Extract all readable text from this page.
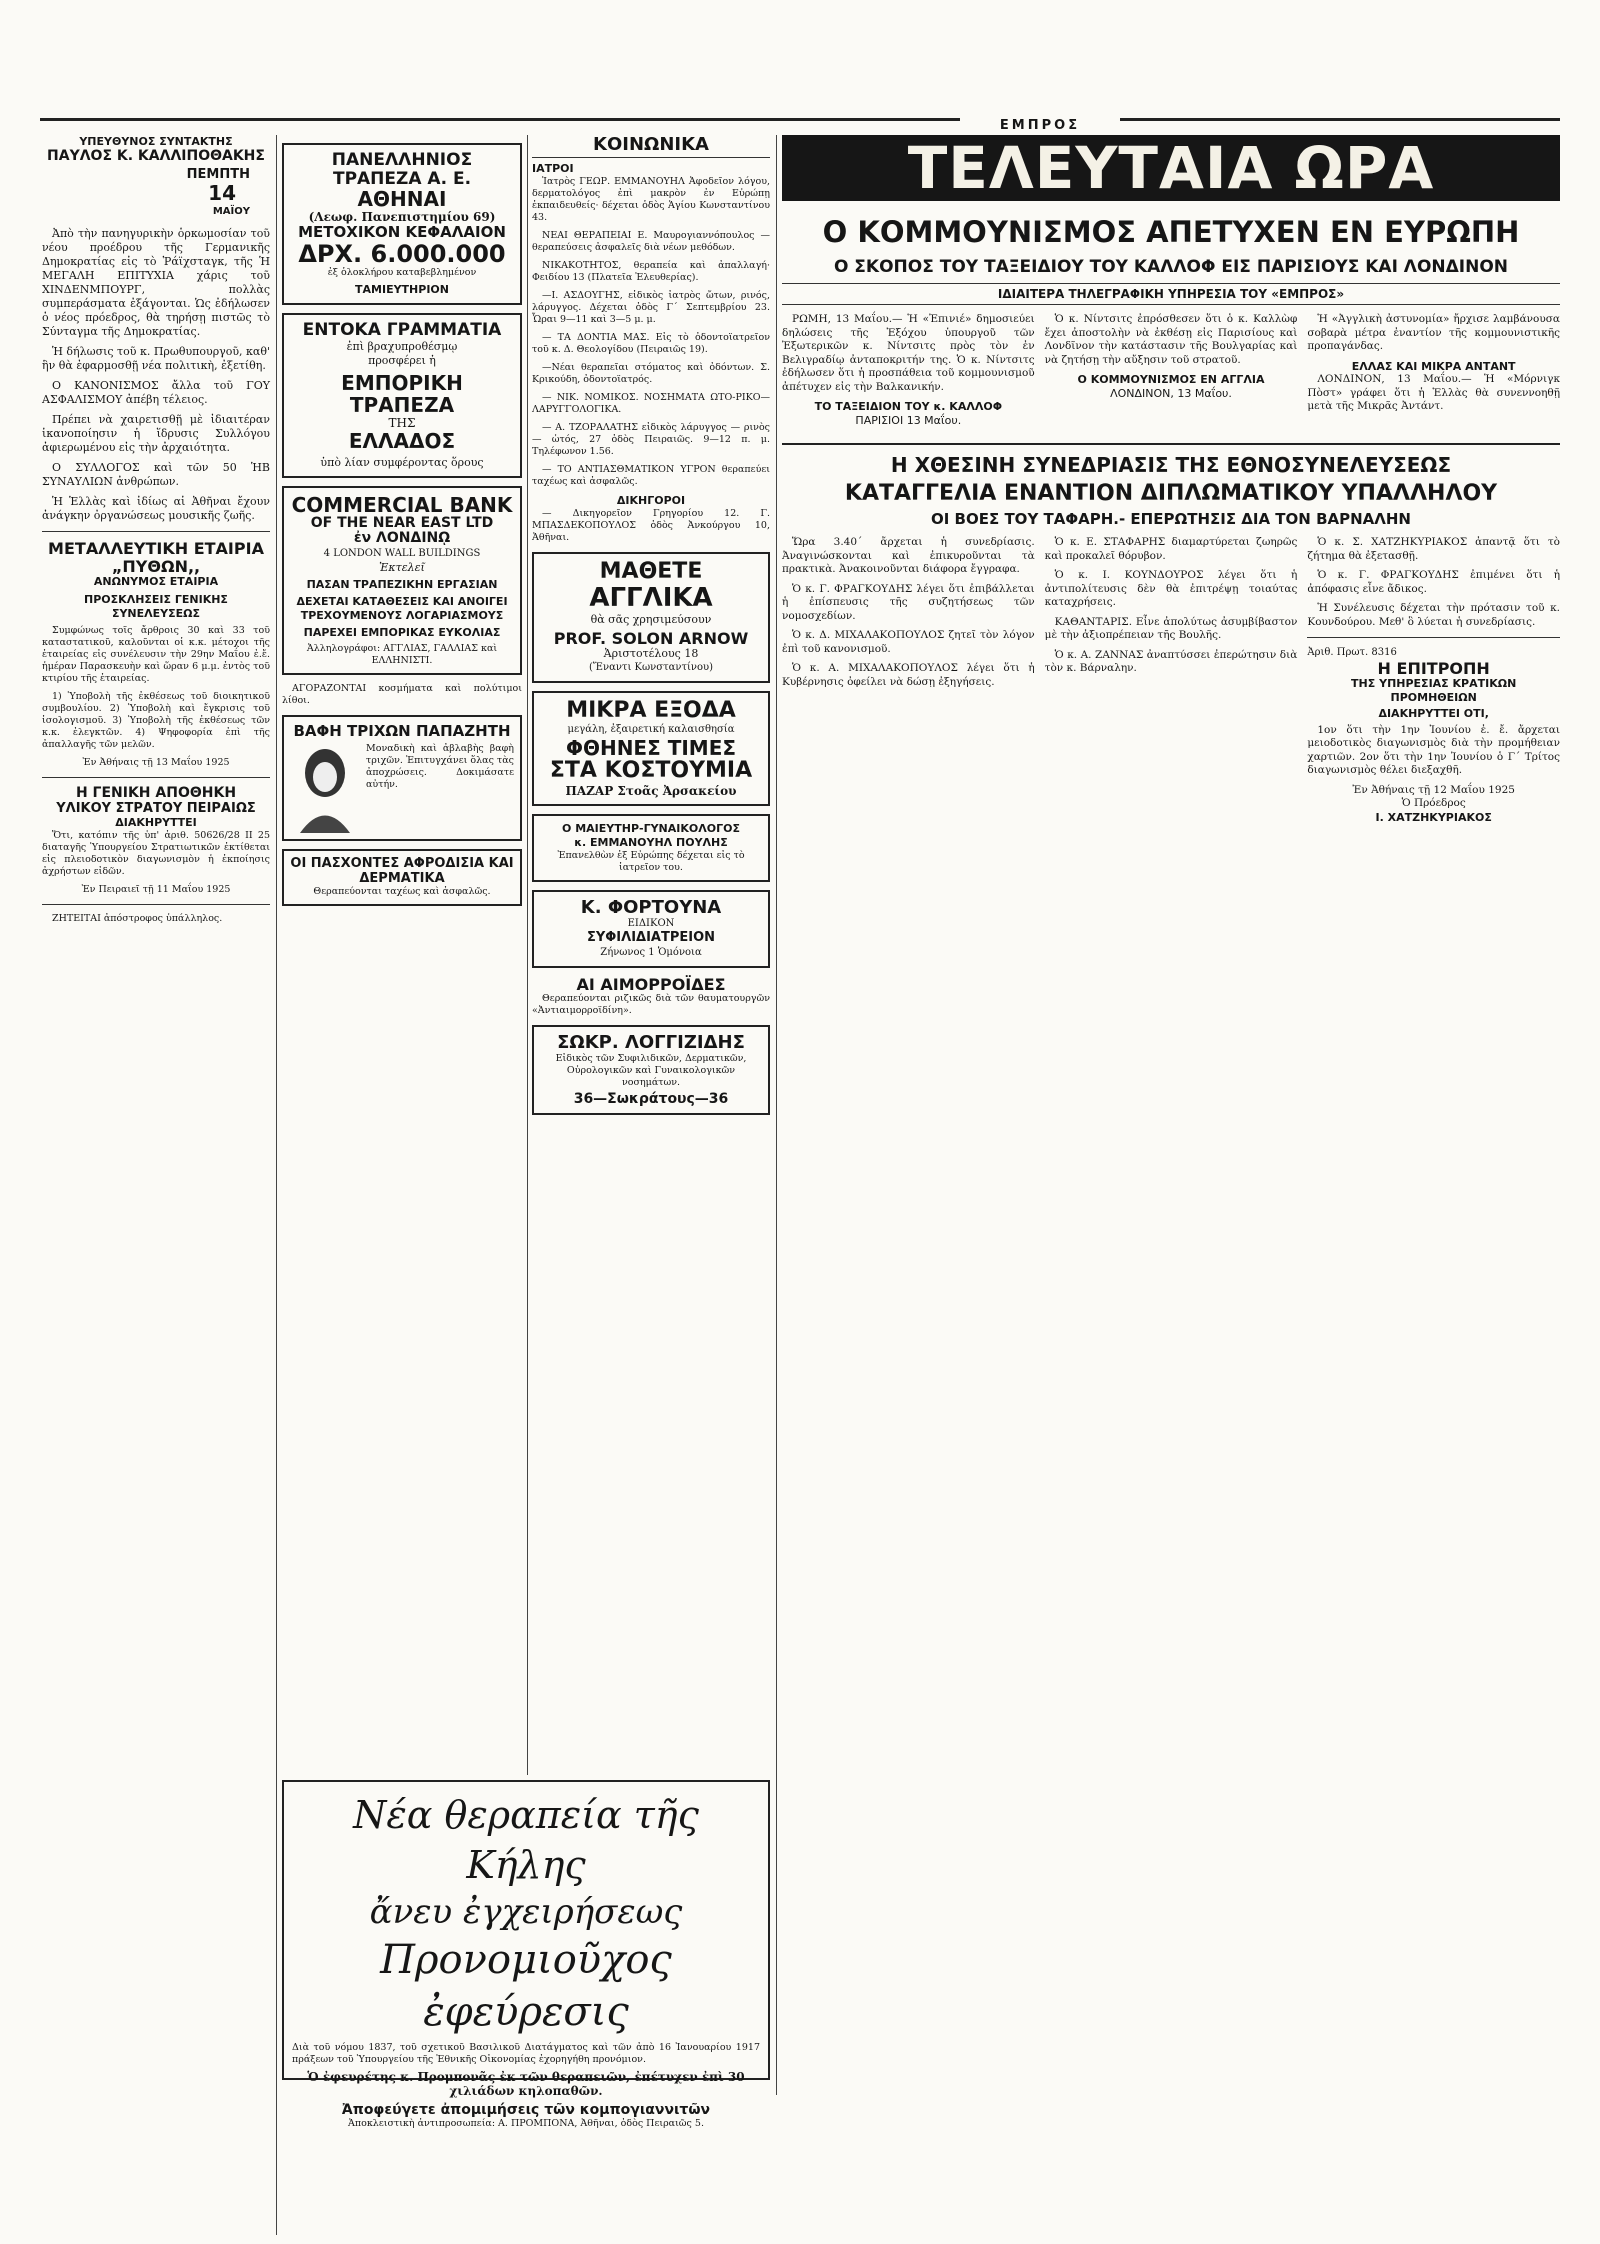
ΕΜΠΡΟΣ
ΥΠΕΥΘΥΝΟΣ ΣΥΝΤΑΚΤΗΣ
ΠΑΥΛΟΣ Κ. ΚΑΛΛΙΠΟΘΑΚΗΣ
ΠΕΜΠΤΗ
14
ΜΑΪΟΥ

Ἀπὸ τὴν πανηγυρικὴν ὁρκωμοσίαν τοῦ νέου προέδρου τῆς Γερμανικῆς Δημοκρατίας εἰς τὸ Ῥάϊχσταγκ, τῆς Ἡ ΜΕΓΑΛΗ ΕΠΙΤΥΧΙΑ χάρις τοῦ ΧΙΝΔΕΝΜΠΟΥΡΓ, πολλὰς συμπεράσματα ἐξάγονται. Ὡς ἐδήλωσεν ὁ νέος πρόεδρος, θὰ τηρήσῃ πιστῶς τὸ Σύνταγμα τῆς Δημοκρατίας.

Ἡ δήλωσις τοῦ κ. Πρωθυπουργοῦ, καθ' ἣν θὰ ἐφαρμοσθῇ νέα πολιτικὴ, ἐξετίθη.

Ο ΚΑΝΟΝΙΣΜΟΣ ἄλλα τοῦ ΓΟΥ ΑΣΦΑΛΙΣΜΟΥ ἀπέβη τέλειος.

Πρέπει νὰ χαιρετισθῇ μὲ ἰδιαιτέραν ἱκανοποίησιν ἡ ἵδρυσις Συλλόγου ἀφιερωμένου εἰς τὴν ἀρχαιότητα.

Ο ΣΥΛΛΟΓΟΣ καὶ τῶν 50 ἩΒ ΣΥΝΑΥΛΙΩΝ ἀνθρώπων.

Ἡ Ἑλλὰς καὶ ἰδίως αἱ Ἀθῆναι ἔχουν ἀνάγκην ὀργανώσεως μουσικῆς ζωῆς.

ΜΕΤΑΛΛΕΥΤΙΚΗ ΕΤΑΙΡΙΑ „ΠΥΘΩΝ,,
ΑΝΩΝΥΜΟΣ ΕΤΑΙΡΙΑ
ΠΡΟΣΚΛΗΣΕΙΣ ΓΕΝΙΚΗΣ ΣΥΝΕΛΕΥΣΕΩΣ

Συμφώνως τοῖς ἄρθροις 30 καὶ 33 τοῦ καταστατικοῦ, καλοῦνται οἱ κ.κ. μέτοχοι τῆς ἑταιρείας εἰς συνέλευσιν τὴν 29ην Μαΐου ἐ.ἔ. ἡμέραν Παρασκευὴν καὶ ὥραν 6 μ.μ. ἐντὸς τοῦ κτιρίου τῆς ἑταιρείας.

1) Ὑποβολὴ τῆς ἐκθέσεως τοῦ διοικητικοῦ συμβουλίου. 2) Ὑποβολὴ καὶ ἔγκρισις τοῦ ἰσολογισμοῦ. 3) Ὑποβολὴ τῆς ἐκθέσεως τῶν κ.κ. ἐλεγκτῶν. 4) Ψηφοφορία ἐπὶ τῆς ἀπαλλαγῆς τῶν μελῶν.

Ἐν Ἀθήναις τῇ 13 Μαΐου 1925

Η ΓΕΝΙΚΗ ΑΠΟΘΗΚΗ
ΥΛΙΚΟΥ ΣΤΡΑΤΟΥ ΠΕΙΡΑΙΩΣ
ΔΙΑΚΗΡΥΤΤΕΙ

Ὅτι, κατόπιν τῆς ὑπ' ἀριθ. 50626/28 ΙΙ 25 διαταγῆς Ὑπουργείου Στρατιωτικῶν ἐκτίθεται εἰς πλειοδοτικὸν διαγωνισμὸν ἡ ἐκποίησις ἀχρήστων εἰδῶν.

Ἐν Πειραιεῖ τῇ 11 Μαΐου 1925

ΖΗΤΕΙΤΑΙ ἀπόστροφος ὑπάλληλος.

ΠΑΝΕΛΛΗΝΙΟΣ ΤΡΑΠΕΖΑ Α. Ε.
ΑΘΗΝΑΙ
(Λεωφ. Πανεπιστημίου 69)
ΜΕΤΟΧΙΚΟΝ ΚΕΦΑΛΑΙΟΝ
ΔΡΧ. 6.000.000
ἐξ ὁλοκλήρου καταβεβλημένον
ΤΑΜΙΕΥΤΗΡΙΟΝ
ΕΝΤΟΚΑ ΓΡΑΜΜΑΤΙΑ
ἐπὶ βραχυπροθέσμῳ
προσφέρει ἡ
ΕΜΠΟΡΙΚΗ ΤΡΑΠΕΖΑ
ΤΗΣ
ΕΛΛΑΔΟΣ
ὑπὸ λίαν συμφέροντας ὅρους
COMMERCIAL BANK
OF THE NEAR EAST LTD
ἐν ΛΟΝΔΙΝῼ
4 LONDON WALL BUILDINGS
Ἑκτελεῖ
ΠΑΣΑΝ ΤΡΑΠΕΖΙΚΗΝ ΕΡΓΑΣΙΑΝ
ΔΕΧΕΤΑΙ ΚΑΤΑΘΕΣΕΙΣ ΚΑΙ ΑΝΟΙΓΕΙ ΤΡΕΧΟΥΜΕΝΟΥΣ ΛΟΓΑΡΙΑΣΜΟΥΣ
ΠΑΡΕΧΕΙ ΕΜΠΟΡΙΚΑΣ ΕΥΚΟΛΙΑΣ
Ἀλληλογράφοι: ΑΓΓΛΙΑΣ, ΓΑΛΛΙΑΣ καὶ ΕΛΛΗΝΙΣΤΙ.

ΑΓΟΡΑΖΟΝΤΑΙ κοσμήματα καὶ πολύτιμοι λίθοι.

ΒΑΦΗ ΤΡΙΧΩΝ ΠΑΠΑΖΗΤΗ
Μοναδικὴ καὶ ἀβλαβὴς βαφὴ τριχῶν. Ἐπιτυγχάνει ὅλας τὰς ἀποχρώσεις. Δοκιμάσατε αὐτήν.
ΟΙ ΠΑΣΧΟΝΤΕΣ ΑΦΡΟΔΙΣΙΑ ΚΑΙ ΔΕΡΜΑΤΙΚΑ
Θεραπεύονται ταχέως καὶ ἀσφαλῶς.
ΚΟΙΝΩΝΙΚΑ
ΙΑΤΡΟΙ

Ἰατρὸς ΓΕΩΡ. ΕΜΜΑΝΟΥΗΛ Ἀφοδεῖον λόγου, δερματολόγος ἐπὶ μακρὸν ἐν Εὐρώπῃ ἐκπαιδευθείς· δέχεται ὁδὸς Ἁγίου Κωνσταντίνου 43.

ΝΕΑΙ ΘΕΡΑΠΕΙΑΙ Ε. Μαυρογιαννόπουλος — θεραπεύσεις ἀσφαλεῖς διὰ νέων μεθόδων.

ΝΙΚΑΚΟΤΗΤΟΣ, θεραπεία καὶ ἀπαλλαγή· Φειδίου 13 (Πλατεῖα Ἐλευθερίας).

—Ι. ΑΣΔΟΥΓΗΣ, εἰδικὸς ἰατρὸς ὤτων, ρινός, λάρυγγος. Δέχεται ὁδὸς Γ΄ Σεπτεμβρίου 23. Ὧραι 9—11 καὶ 3—5 μ. μ.

— ΤΑ ΔΟΝΤΙΑ ΜΑΣ. Εἰς τὸ ὀδοντοϊατρεῖον τοῦ κ. Δ. Θεολογίδου (Πειραιῶς 19).

—Νέαι θεραπεῖαι στόματος καὶ ὀδόντων. Σ. Κρικούδη, ὀδοντοϊατρός.

— ΝΙΚ. ΝΟΜΙΚΟΣ. ΝΟΣΗΜΑΤΑ ΩΤΟ-ΡΙΚΟ—ΛΑΡΥΓΓΟΛΟΓΙΚΑ.

— Α. ΤΖΟΡΑΛΑΤΗΣ εἰδικὸς λάρυγγος — ρινὸς — ὠτός, 27 ὁδὸς Πειραιῶς. 9—12 π. μ. Τηλέφωνον 1.56.

— ΤΟ ΑΝΤΙΑΣΘΜΑΤΙΚΟΝ ΥΓΡΟΝ θεραπεύει ταχέως καὶ ἀσφαλῶς.

ΔΙΚΗΓΟΡΟΙ

— Δικηγορεῖον Γρηγορίου 12. Γ. ΜΠΑΣΔΕΚΟΠΟΥΛΟΣ ὁδὸς Ἀνκούργου 10, Ἀθῆναι.

ΜΑΘΕΤΕ
ΑΓΓΛΙΚΑ
θὰ σᾶς χρησιμεύσουν
PROF. SOLON ARNOW
Ἀριστοτέλους 18
(Ἔναντι Κωνσταντίνου)
ΜΙΚΡΑ ΕΞΟΔΑ
μεγάλη, ἐξαιρετική καλαισθησία
ΦΘΗΝΕΣ ΤΙΜΕΣ
ΣΤΑ ΚΟΣΤΟΥΜΙΑ
ΠΑΖΑΡ Στοᾶς Ἀρσακείου
Ο ΜΑΙΕΥΤΗΡ-ΓΥΝΑΙΚΟΛΟΓΟΣ
κ. ΕΜΜΑΝΟΥΗΛ ΠΟΥΛΗΣ
Ἐπανελθὼν ἐξ Εὐρώπης δέχεται εἰς τὸ ἰατρεῖον του.
Κ. ΦΟΡΤΟΥΝΑ
ΕΙΔΙΚΟΝ
ΣΥΦΙΛΙΔΙΑΤΡΕΙΟΝ
Ζήνωνος 1 Ὁμόνοια
ΑΙ ΑΙΜΟΡΡΟΪΔΕΣ

Θεραπεύονται ριζικῶς διὰ τῶν θαυματουργῶν «Ἀντιαιμορροϊδίνη».

ΣΩΚΡ. ΛΟΓΓΙΖΙΔΗΣ
Εἰδικὸς τῶν Συφιλιδικῶν, Δερματικῶν, Οὐρολογικῶν καὶ Γυναικολογικῶν νοσημάτων.
36—Σωκράτους—36
Νέα θεραπεία τῆς Κήλης
ἄνευ ἐγχειρήσεως
Προνομιοῦχος ἐφεύρεσις
Διὰ τοῦ νόμου 1837, τοῦ σχετικοῦ Βασιλικοῦ Διατάγματος καὶ τῶν ἀπὸ 16 Ἰανουαρίου 1917 πράξεων τοῦ Ὑπουργείου τῆς Ἐθνικῆς Οἰκονομίας ἐχορηγήθη προνόμιον.
Ὁ ἐφευρέτης κ. Προμπονᾶς ἐκ τῶν θεραπειῶν, ἐπέτυχεν ἐπὶ 30 χιλιάδων κηλοπαθῶν.
Ἀποφεύγετε ἀπομιμήσεις τῶν κομπογιαννιτῶν
Ἀποκλειστικὴ ἀντιπροσωπεία: Α. ΠΡΟΜΠΟΝΑ, Ἀθῆναι, ὁδὸς Πειραιῶς 5.
ΤΕΛΕΥΤΑΙΑ ΩΡΑ
Ο ΚΟΜΜΟΥΝΙΣΜΟΣ ΑΠΕΤΥΧΕΝ ΕΝ ΕΥΡΩΠΗ
Ο ΣΚΟΠΟΣ ΤΟΥ ΤΑΞΕΙΔΙΟΥ ΤΟΥ ΚΑΛΛΟΦ ΕΙΣ ΠΑΡΙΣΙΟΥΣ ΚΑΙ ΛΟΝΔΙΝΟΝ
ΙΔΙΑΙΤΕΡΑ ΤΗΛΕΓΡΑΦΙΚΗ ΥΠΗΡΕΣΙΑ ΤΟΥ «ΕΜΠΡΟΣ»

ΡΩΜΗ, 13 Μαΐου.— Ἡ «Ἐπινιέ» δημοσιεύει δηλώσεις τῆς Ἐξόχου ὑπουργοῦ τῶν Ἐξωτερικῶν κ. Νίντσιτς πρὸς τὸν ἐν Βελιγραδίῳ ἀνταποκριτήν της. Ὁ κ. Νίντσιτς ἐδήλωσεν ὅτι ἡ προσπάθεια τοῦ κομμουνισμοῦ ἀπέτυχεν εἰς τὴν Βαλκανικήν.

ΤΟ ΤΑΞΕΙΔΙΟΝ ΤΟΥ κ. ΚΑΛΛΟΦ
ΠΑΡΙΣΙΟΙ 13 Μαΐου.

Ὁ κ. Νίντσιτς ἐπρόσθεσεν ὅτι ὁ κ. Καλλὼφ ἔχει ἀποστολὴν νὰ ἐκθέσῃ εἰς Παρισίους καὶ Λονδῖνον τὴν κατάστασιν τῆς Βουλγαρίας καὶ νὰ ζητήσῃ τὴν αὔξησιν τοῦ στρατοῦ.

Ο ΚΟΜΜΟΥΝΙΣΜΟΣ ΕΝ ΑΓΓΛΙΑ
ΛΟΝΔΙΝΟΝ, 13 Μαΐου.

Ἡ «Ἀγγλικὴ ἀστυνομία» ἤρχισε λαμβάνουσα σοβαρὰ μέτρα ἐναντίον τῆς κομμουνιστικῆς προπαγάνδας.

ΕΛΛΑΣ ΚΑΙ ΜΙΚΡΑ ΑΝΤΑΝΤ

ΛΟΝΔΙΝΟΝ, 13 Μαΐου.— Ἡ «Μόρνιγκ Πὸστ» γράφει ὅτι ἡ Ἑλλὰς θὰ συνεννοηθῇ μετὰ τῆς Μικρᾶς Ἀντάντ.

Η ΧΘΕΣΙΝΗ ΣΥΝΕΔΡΙΑΣΙΣ ΤΗΣ ΕΘΝΟΣΥΝΕΛΕΥΣΕΩΣ
ΚΑΤΑΓΓΕΛΙΑ ΕΝΑΝΤΙΟΝ ΔΙΠΛΩΜΑΤΙΚΟΥ ΥΠΑΛΛΗΛΟΥ
ΟΙ ΒΟΕΣ ΤΟΥ ΤΑΦΑΡΗ.- ΕΠΕΡΩΤΗΣΙΣ ΔΙΑ ΤΟΝ ΒΑΡΝΑΛΗΝ

Ὥρα 3.40΄ ἄρχεται ἡ συνεδρίασις. Ἀναγινώσκονται καὶ ἐπικυροῦνται τὰ πρακτικὰ. Ἀνακοινοῦνται διάφορα ἔγγραφα.

Ὁ κ. Γ. ΦΡΑΓΚΟΥΔΗΣ λέγει ὅτι ἐπιβάλλεται ἡ ἐπίσπευσις τῆς συζητήσεως τῶν νομοσχεδίων.

Ὁ κ. Δ. ΜΙΧΑΛΑΚΟΠΟΥΛΟΣ ζητεῖ τὸν λόγον ἐπὶ τοῦ κανονισμοῦ.

Ὁ κ. Α. ΜΙΧΑΛΑΚΟΠΟΥΛΟΣ λέγει ὅτι ἡ Κυβέρνησις ὀφείλει νὰ δώσῃ ἐξηγήσεις.

Ὁ κ. Ε. ΣΤΑΦΑΡΗΣ διαμαρτύρεται ζωηρῶς καὶ προκαλεῖ θόρυβον.

Ὁ κ. Ι. ΚΟΥΝΔΟΥΡΟΣ λέγει ὅτι ἡ ἀντιπολίτευσις δὲν θὰ ἐπιτρέψῃ τοιαύτας καταχρήσεις.

ΚΑΘΑΝΤΑΡΙΣ. Εἶνε ἀπολύτως ἀσυμβίβαστον μὲ τὴν ἀξιοπρέπειαν τῆς Βουλῆς.

Ὁ κ. Α. ΖΑΝΝΑΣ ἀναπτύσσει ἐπερώτησιν διὰ τὸν κ. Βάρναλην.

Ὁ κ. Σ. ΧΑΤΖΗΚΥΡΙΑΚΟΣ ἀπαντᾷ ὅτι τὸ ζήτημα θὰ ἐξετασθῇ.

Ὁ κ. Γ. ΦΡΑΓΚΟΥΔΗΣ ἐπιμένει ὅτι ἡ ἀπόφασις εἶνε ἄδικος.

Ἡ Συνέλευσις δέχεται τὴν πρότασιν τοῦ κ. Κουνδούρου. Μεθ' ὃ λύεται ἡ συνεδρίασις.

Ἀριθ. Πρωτ. 8316
Η ΕΠΙΤΡΟΠΗ
ΤΗΣ ΥΠΗΡΕΣΙΑΣ ΚΡΑΤΙΚΩΝ ΠΡΟΜΗΘΕΙΩΝ
ΔΙΑΚΗΡΥΤΤΕΙ ΟΤΙ,

1ον ὅτι τὴν 1ην Ἰουνίου ἐ. ἔ. ἄρχεται μειοδοτικὸς διαγωνισμὸς διὰ τὴν προμήθειαν χαρτιῶν. 2ον ὅτι τὴν 1ην Ἰουνίου ὁ Γ΄ Τρίτος διαγωνισμὸς θέλει διεξαχθῆ.

Ἐν Ἀθήναις τῇ 12 Μαΐου 1925
Ὁ Πρόεδρος
Ι. ΧΑΤΖΗΚΥΡΙΑΚΟΣ
